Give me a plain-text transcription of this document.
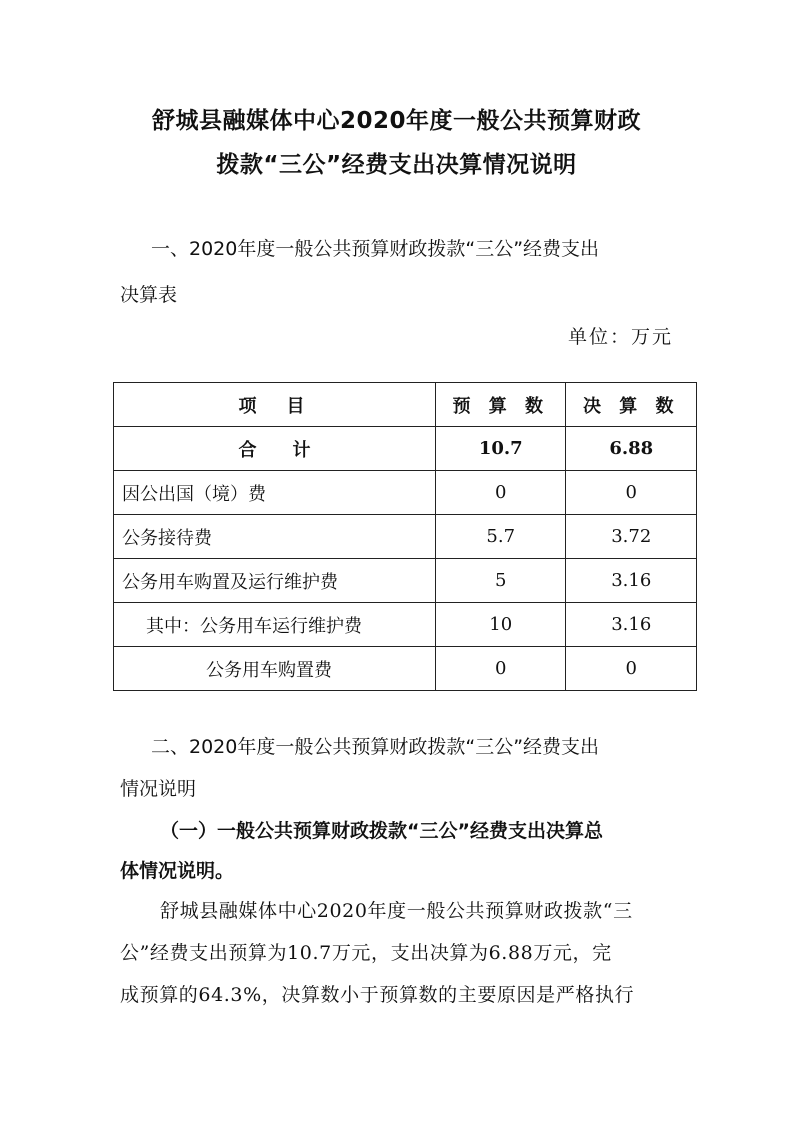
舒城县融媒体中心2020年度一般公共预算财政
拨款“三公”经费支出决算情况说明
一、2020年度一般公共预算财政拨款“三公”经费支出
决算表
单位：万元
项　目	预 算 数	决 算 数
合　　计	10.7	6.88
因公出国（境）费	0	0
公务接待费	5.7	3.72
公务用车购置及运行维护费	5	3.16
其中：公务用车运行维护费	10	3.16
公务用车购置费	0	0
二、2020年度一般公共预算财政拨款“三公”经费支出
情况说明
（一）一般公共预算财政拨款“三公”经费支出决算总
体情况说明。
舒城县融媒体中心2020年度一般公共预算财政拨款“三
公”经费支出预算为10.7万元，支出决算为6.88万元，完
成预算的64.3%，决算数小于预算数的主要原因是严格执行
